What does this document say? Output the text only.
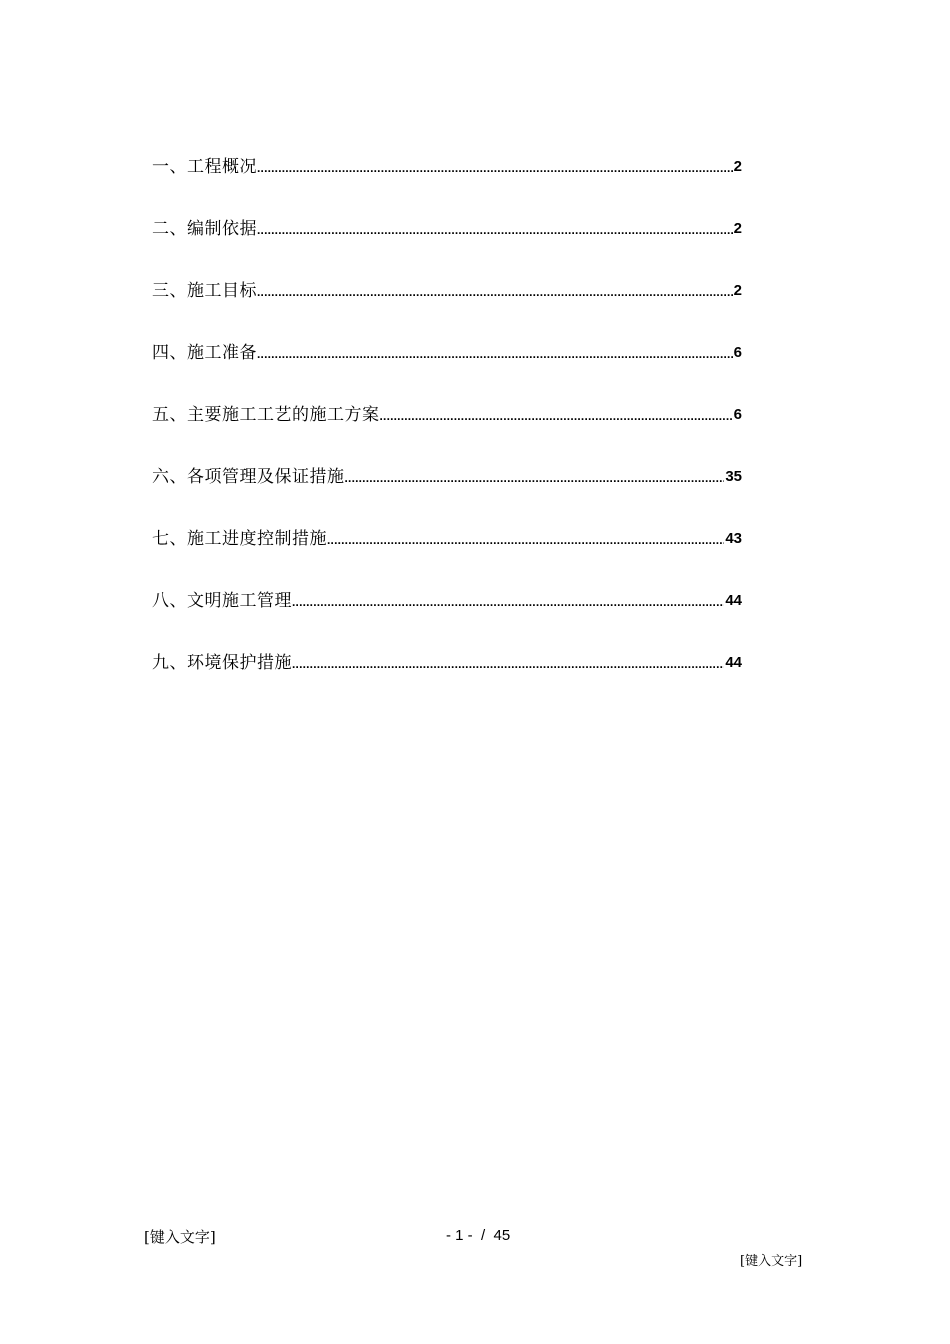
一、工程概况 .....	2
二、编制依据 .....	2
三、施工目标 .....	2
四、施工准备 .....	6
五、主要施工工艺的施工方案 .....	6
六、各项管理及保证措施 .....	35
七、施工进度控制措施 .....	43
八、文明施工管理 .....	44
九、环境保护措施 .....	44
[键入文字]	- 1 -  /  45
[键入文字]
